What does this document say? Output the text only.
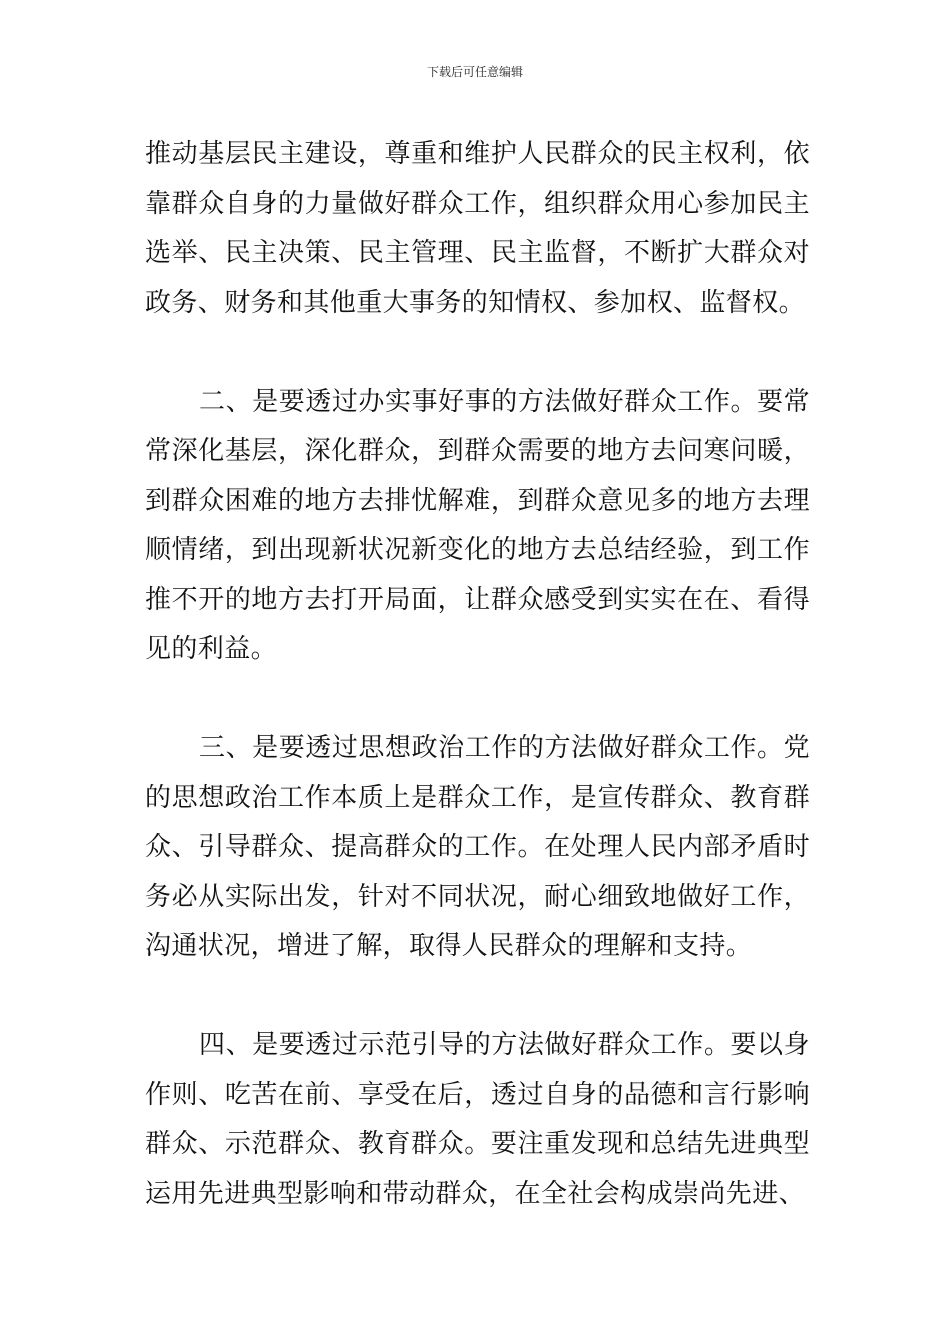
下载后可任意编辑

推动基层民主建设，尊重和维护人民群众的民主权利，依靠群众自身的力量做好群众工作，组织群众用心参加民主选举、民主决策、民主管理、民主监督，不断扩大群众对政务、财务和其他重大事务的知情权、参加权、监督权。

二、是要透过办实事好事的方法做好群众工作。要常常深化基层，深化群众，到群众需要的地方去问寒问暖，到群众困难的地方去排忧解难，到群众意见多的地方去理顺情绪，到出现新状况新变化的地方去总结经验，到工作推不开的地方去打开局面，让群众感受到实实在在、看得见的利益。

三、是要透过思想政治工作的方法做好群众工作。党的思想政治工作本质上是群众工作，是宣传群众、教育群众、引导群众、提高群众的工作。在处理人民内部矛盾时务必从实际出发，针对不同状况，耐心细致地做好工作，沟通状况，增进了解，取得人民群众的理解和支持。

四、是要透过示范引导的方法做好群众工作。要以身作则、吃苦在前、享受在后，透过自身的品德和言行影响群众、示范群众、教育群众。要注重发现和总结先进典型运用先进典型影响和带动群众，在全社会构成崇尚先进、
